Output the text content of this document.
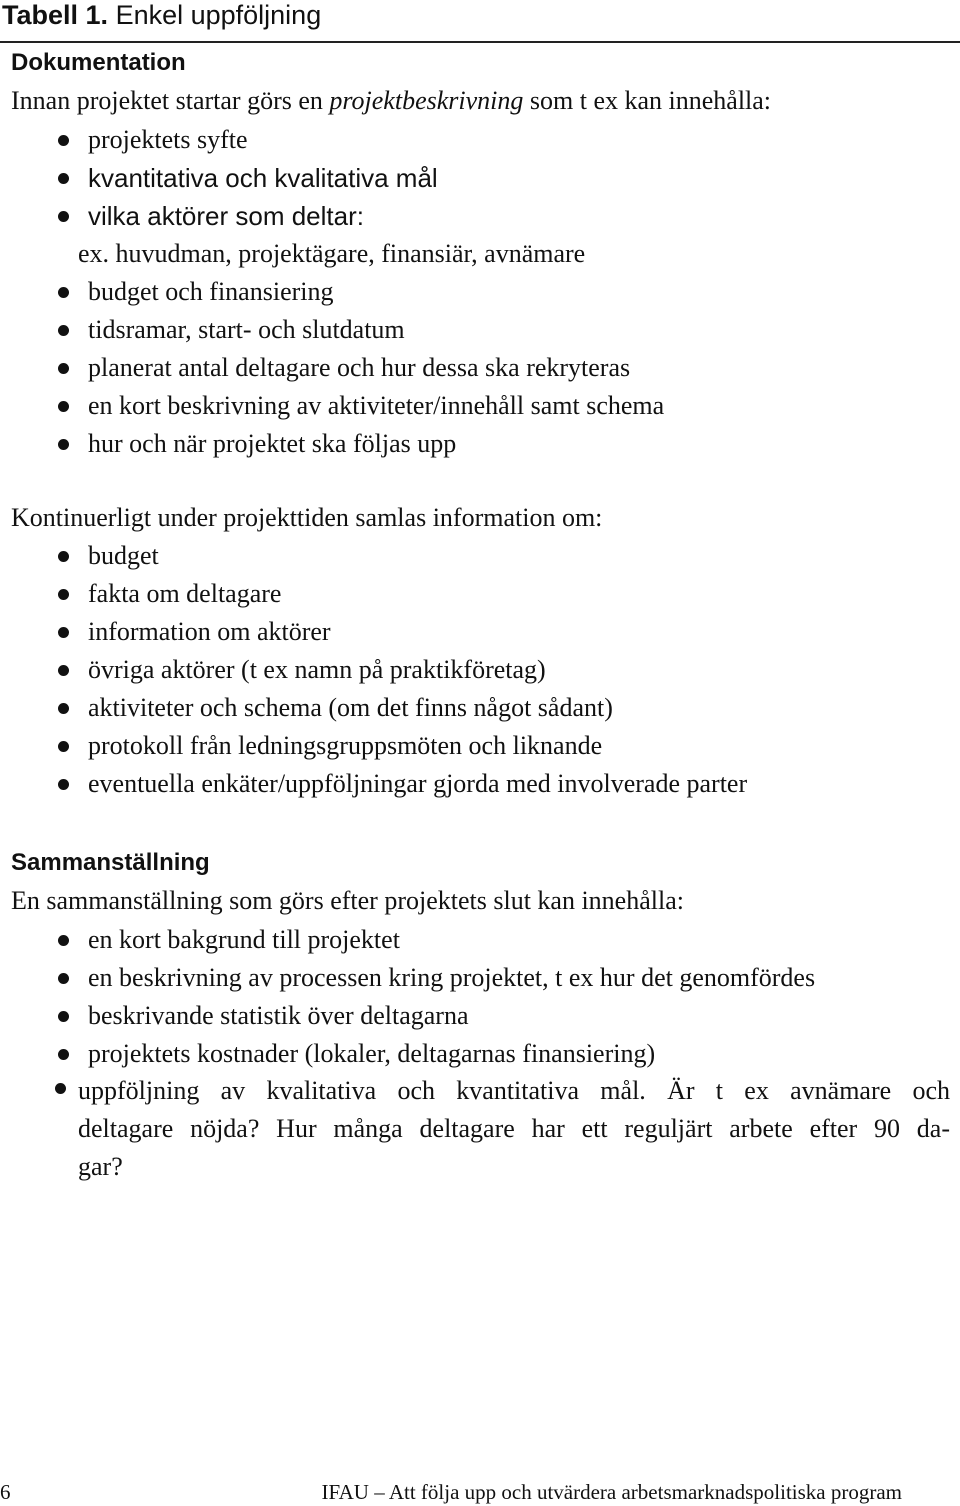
Tabell 1. Enkel uppföljning
Dokumentation
Innan projektet startar görs en projektbeskrivning som t ex kan innehålla:
projektets syfte
kvantitativa och kvalitativa mål
vilka aktörer som deltar:
ex. huvudman, projektägare, finansiär, avnämare
budget och finansiering
tidsramar, start- och slutdatum
planerat antal deltagare och hur dessa ska rekryteras
en kort beskrivning av aktiviteter/innehåll samt schema
hur och när projektet ska följas upp
Kontinuerligt under projekttiden samlas information om:
budget
fakta om deltagare
information om aktörer
övriga aktörer (t ex namn på praktikföretag)
aktiviteter och schema (om det finns något sådant)
protokoll från ledningsgruppsmöten och liknande
eventuella enkäter/uppföljningar gjorda med involverade parter
Sammanställning
En sammanställning som görs efter projektets slut kan innehålla:
en kort bakgrund till projektet
en beskrivning av processen kring projektet, t ex hur det genomfördes
beskrivande statistik över deltagarna
projektets kostnader (lokaler, deltagarnas finansiering)
uppföljning av kvalitativa och kvantitativa mål. Är t ex avnämare och
deltagare nöjda? Hur många deltagare har ett reguljärt arbete efter 90 da-
gar?
6	IFAU – Att följa upp och utvärdera arbetsmarknadspolitiska program
